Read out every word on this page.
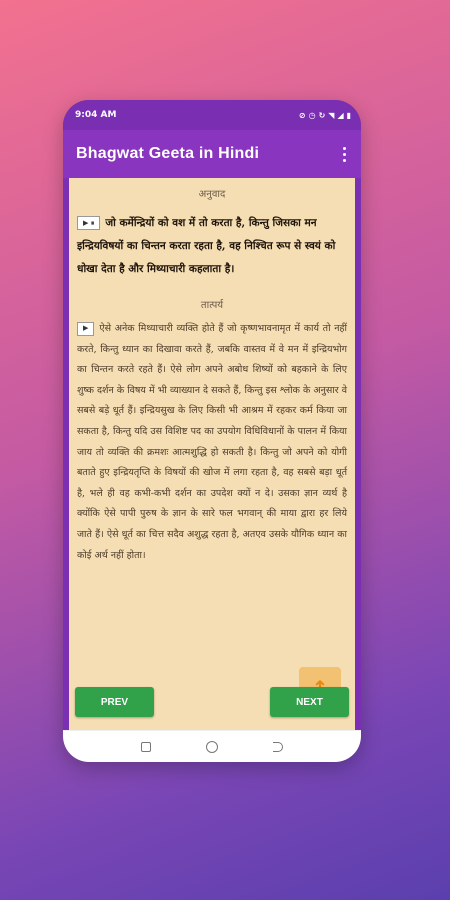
9:04 AM	⊘ ◷ ↻ ◥ ◢ ▮
Bhagwat Geeta in Hindi
अनुवाद
▶ ⏸ जो कर्मेन्द्रियों को वश में तो करता है, किन्तु जिसका मन इन्द्रियविषयों का चिन्तन करता रहता है, वह निश्चित रूप से स्वयं को धोखा देता है और मिथ्याचारी कहलाता है।
तात्पर्य
▶ ऐसे अनेक मिथ्याचारी व्यक्ति होते हैं जो कृष्णभावनामृत में कार्य तो नहीं करते, किन्तु ध्यान का दिखावा करते हैं, जबकि वास्तव में वे मन में इन्द्रियभोग का चिन्तन करते रहते हैं। ऐसे लोग अपने अबोध शिष्यों को बहकाने के लिए शुष्क दर्शन के विषय में भी व्याख्यान दे सकते हैं, किन्तु इस श्लोक के अनुसार वे सबसे बड़े धूर्त हैं। इन्द्रियसुख के लिए किसी भी आश्रम में रहकर कर्म किया जा सकता है, किन्तु यदि उस विशिष्ट पद का उपयोग विधिविधानों के पालन में किया जाय तो व्यक्ति की क्रमशः आत्मशुद्धि हो सकती है। किन्तु जो अपने को योगी बताते हुए इन्द्रियतृप्ति के विषयों की खोज में लगा रहता है, वह सबसे बड़ा धूर्त है, भले ही वह कभी-कभी दर्शन का उपदेश क्यों न दे। उसका ज्ञान व्यर्थ है क्योंकि ऐसे पापी पुरुष के ज्ञान के सारे फल भगवान् की माया द्वारा हर लिये जाते हैं। ऐसे धूर्त का चित्त सदैव अशुद्ध रहता है, अतएव उसके यौगिक ध्यान का कोई अर्थ नहीं होता।
PREV	NEXT
